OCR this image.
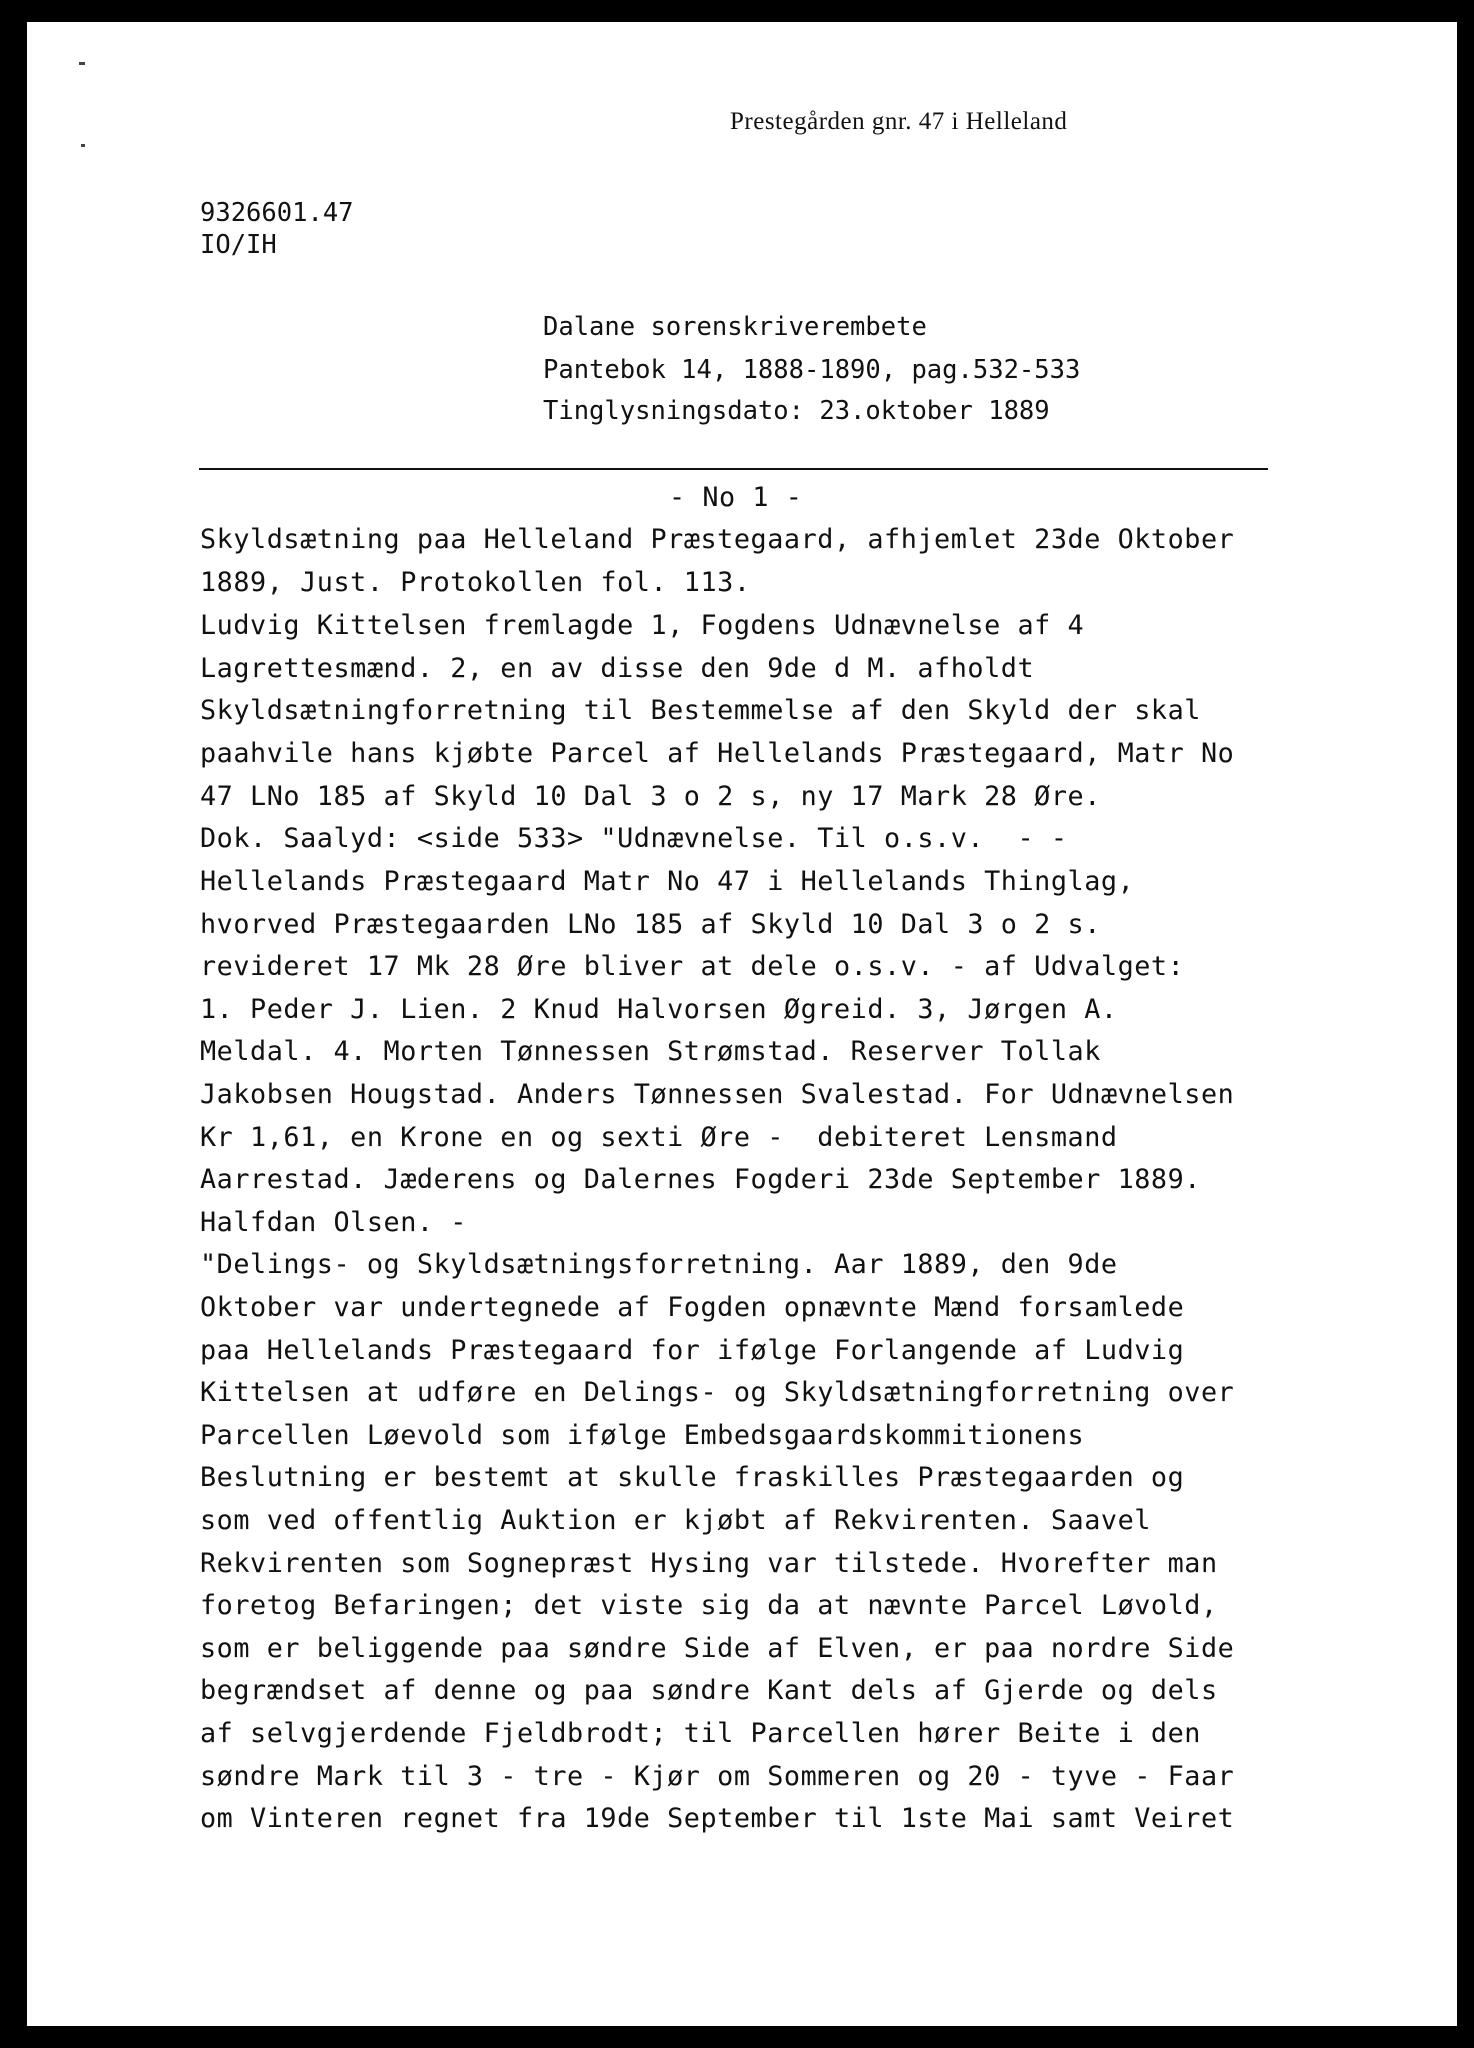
Prestegården gnr. 47 i Helleland
9326601.47
IO/IH
Dalane sorenskriverembete
Pantebok 14, 1888-1890, pag.532-533
Tinglysningsdato: 23.oktober 1889
- No 1 -
Skyldsætning paa Helleland Præstegaard, afhjemlet 23de Oktober
1889, Just. Protokollen fol. 113.
Ludvig Kittelsen fremlagde 1, Fogdens Udnævnelse af 4
Lagrettesmænd. 2, en av disse den 9de d M. afholdt
Skyldsætningforretning til Bestemmelse af den Skyld der skal
paahvile hans kjøbte Parcel af Hellelands Præstegaard, Matr No
47 LNo 185 af Skyld 10 Dal 3 o 2 s, ny 17 Mark 28 Øre.
Dok. Saalyd: <side 533> "Udnævnelse. Til o.s.v.  - -
Hellelands Præstegaard Matr No 47 i Hellelands Thinglag,
hvorved Præstegaarden LNo 185 af Skyld 10 Dal 3 o 2 s.
revideret 17 Mk 28 Øre bliver at dele o.s.v. - af Udvalget:
1. Peder J. Lien. 2 Knud Halvorsen Øgreid. 3, Jørgen A.
Meldal. 4. Morten Tønnessen Strømstad. Reserver Tollak
Jakobsen Hougstad. Anders Tønnessen Svalestad. For Udnævnelsen
Kr 1,61, en Krone en og sexti Øre -  debiteret Lensmand
Aarrestad. Jæderens og Dalernes Fogderi 23de September 1889.
Halfdan Olsen. -
"Delings- og Skyldsætningsforretning. Aar 1889, den 9de
Oktober var undertegnede af Fogden opnævnte Mænd forsamlede
paa Hellelands Præstegaard for ifølge Forlangende af Ludvig
Kittelsen at udføre en Delings- og Skyldsætningforretning over
Parcellen Løevold som ifølge Embedsgaardskommitionens
Beslutning er bestemt at skulle fraskilles Præstegaarden og
som ved offentlig Auktion er kjøbt af Rekvirenten. Saavel
Rekvirenten som Sognepræst Hysing var tilstede. Hvorefter man
foretog Befaringen; det viste sig da at nævnte Parcel Løvold,
som er beliggende paa søndre Side af Elven, er paa nordre Side
begrændset af denne og paa søndre Kant dels af Gjerde og dels
af selvgjerdende Fjeldbrodt; til Parcellen hører Beite i den
søndre Mark til 3 - tre - Kjør om Sommeren og 20 - tyve - Faar
om Vinteren regnet fra 19de September til 1ste Mai samt Veiret
